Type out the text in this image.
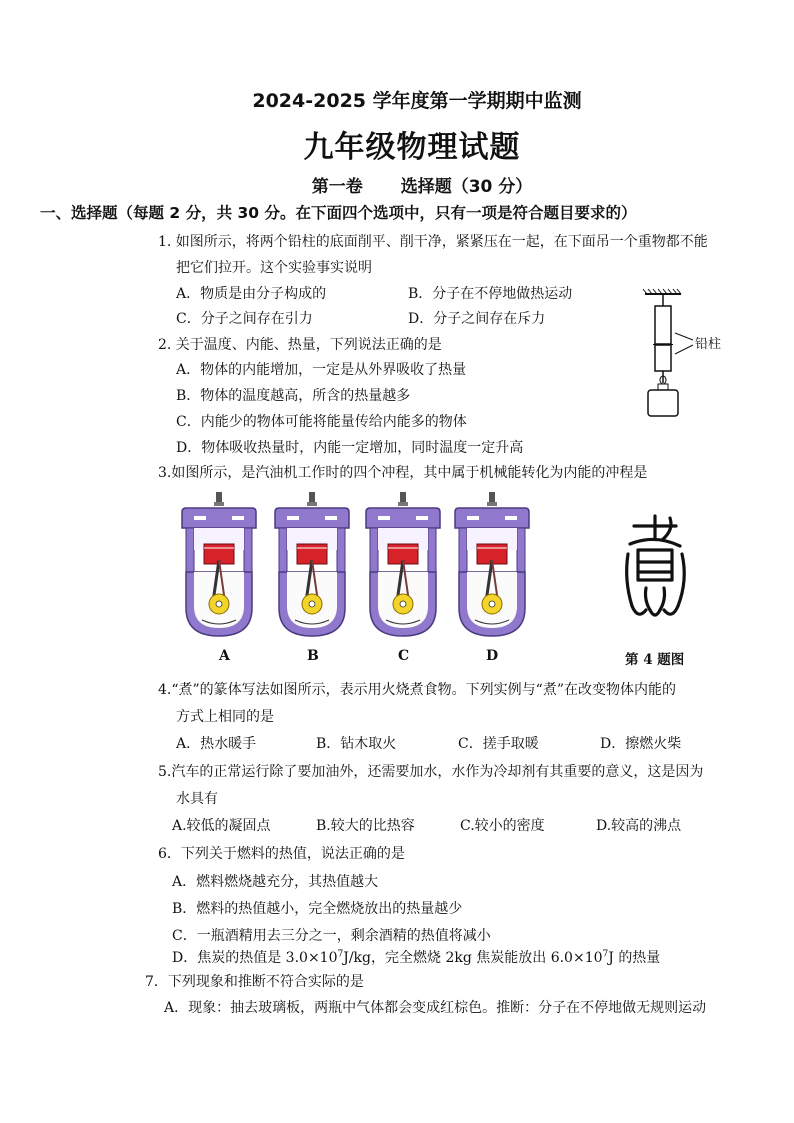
2024-2025 学年度第一学期期中监测
九年级物理试题
第一卷 选择题（30 分）
一、选择题（每题 2 分，共 30 分。在下面四个选项中，只有一项是符合题目要求的）
1. 如图所示，将两个铅柱的底面削平、削干净，紧紧压在一起，在下面吊一个重物都不能
把它们拉开。这个实验事实说明
A．物质是由分子构成的	B．分子在不停地做热运动
C．分子之间存在引力	D．分子之间存在斥力
铅柱
2. 关于温度、内能、热量，下列说法正确的是
A．物体的内能增加，一定是从外界吸收了热量
B．物体的温度越高，所含的热量越多
C．内能少的物体可能将能量传给内能多的物体
D．物体吸收热量时，内能一定增加，同时温度一定升高
3.如图所示，是汽油机工作时的四个冲程，其中属于机械能转化为内能的冲程是
A	B	C	D	第 4 题图
4.“煮”的篆体写法如图所示，表示用火烧煮食物。下列实例与“煮”在改变物体内能的
方式上相同的是
A．热水暖手	B．钻木取火	C．搓手取暖	D．擦燃火柴
5.汽车的正常运行除了要加油外，还需要加水，水作为冷却剂有其重要的意义，这是因为
水具有
A.较低的凝固点	B.较大的比热容	C.较小的密度	D.较高的沸点
6．下列关于燃料的热值，说法正确的是
A．燃料燃烧越充分，其热值越大
B．燃料的热值越小，完全燃烧放出的热量越少
C．一瓶酒精用去三分之一，剩余酒精的热值将减小
D．焦炭的热值是 $3.0\times 10^7J/kg$，完全燃烧 2kg 焦炭能放出 $6.0\times 10^7J$ 的热量
7．下列现象和推断不符合实际的是
A．现象：抽去玻璃板，两瓶中气体都会变成红棕色。推断：分子在不停地做无规则运动
